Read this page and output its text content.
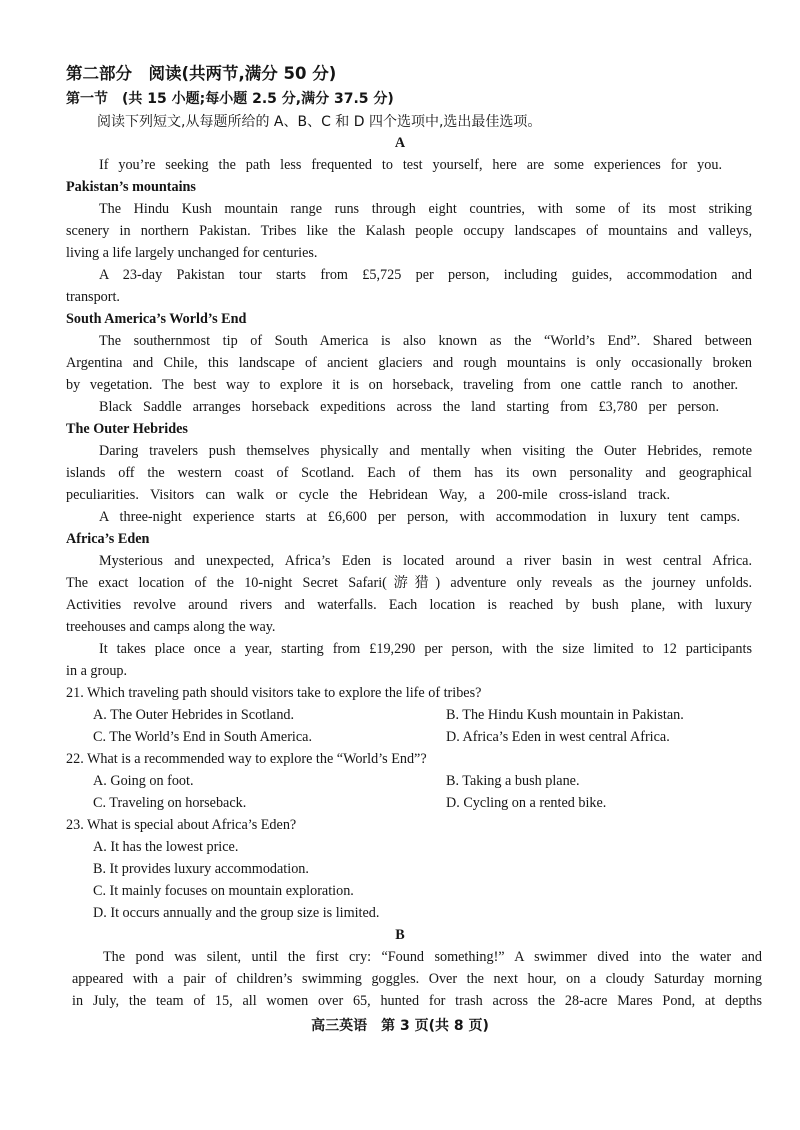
第二部分　阅读(共两节,满分 50 分)
第一节　(共 15 小题;每小题 2.5 分,满分 37.5 分)
阅读下列短文,从每题所给的 A、B、C 和 D 四个选项中,选出最佳选项。
A
If you’re seeking the path less frequented to test yourself, here are some experiences for you.
Pakistan’s mountains
The Hindu Kush mountain range runs through eight countries, with some of its most striking
scenery in northern Pakistan. Tribes like the Kalash people occupy landscapes of mountains and valleys,
living a life largely unchanged for centuries.
A 23-day Pakistan tour starts from £5,725 per person, including guides, accommodation and
transport.
South America’s World’s End
The southernmost tip of South America is also known as the “World’s End”. Shared between
Argentina and Chile, this landscape of ancient glaciers and rough mountains is only occasionally broken
by vegetation. The best way to explore it is on horseback, traveling from one cattle ranch to another.
Black Saddle arranges horseback expeditions across the land starting from £3,780 per person.
The Outer Hebrides
Daring travelers push themselves physically and mentally when visiting the Outer Hebrides, remote
islands off the western coast of Scotland. Each of them has its own personality and geographical
peculiarities. Visitors can walk or cycle the Hebridean Way, a 200-mile cross-island track.
A three-night experience starts at £6,600 per person, with accommodation in luxury tent camps.
Africa’s Eden
Mysterious and unexpected, Africa’s Eden is located around a river basin in west central Africa.
The exact location of the 10-night Secret Safari(游猎) adventure only reveals as the journey unfolds.
Activities revolve around rivers and waterfalls. Each location is reached by bush plane, with luxury
treehouses and camps along the way.
It takes place once a year, starting from £19,290 per person, with the size limited to 12 participants
in a group.
21. Which traveling path should visitors take to explore the life of tribes?
A. The Outer Hebrides in Scotland.	B. The Hindu Kush mountain in Pakistan.
C. The World’s End in South America.	D. Africa’s Eden in west central Africa.
22. What is a recommended way to explore the “World’s End”?
A. Going on foot.	B. Taking a bush plane.
C. Traveling on horseback.	D. Cycling on a rented bike.
23. What is special about Africa’s Eden?
A. It has the lowest price.
B. It provides luxury accommodation.
C. It mainly focuses on mountain exploration.
D. It occurs annually and the group size is limited.
B
The pond was silent, until the first cry: “Found something!” A swimmer dived into the water and
appeared with a pair of children’s swimming goggles. Over the next hour, on a cloudy Saturday morning
in July, the team of 15, all women over 65, hunted for trash across the 28-acre Mares Pond, at depths
高三英语　第 3 页(共 8 页)
